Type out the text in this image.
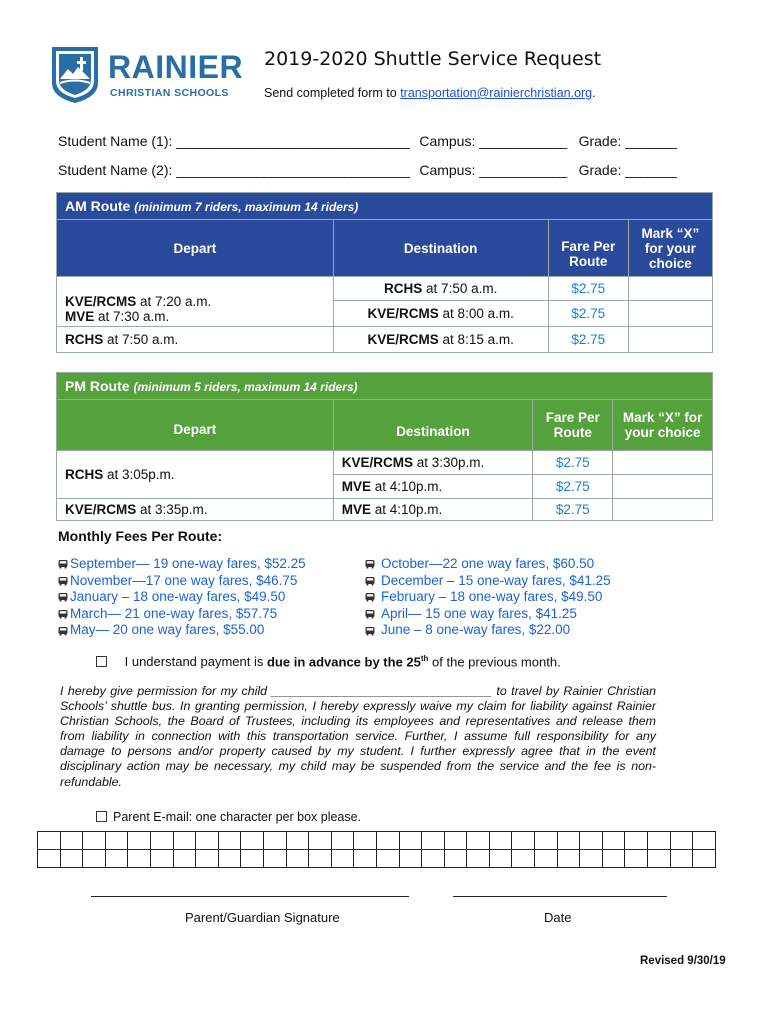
RAINIER
CHRISTIAN SCHOOLS
2019-2020 Shuttle Service Request
Send completed form to transportation@rainierchristian.org.
Student Name (1): ________________________________ Campus: ____________ Grade: _______
Student Name (2): ________________________________ Campus: ____________ Grade: _______
AM Route (minimum 7 riders, maximum 14 riders)			
Depart	Destination	Fare Per Route	Mark “X” for your choice

KVE/RCMS at 7:20 a.m.
MVE at 7:30 a.m.	RCHS at 7:50 a.m.	$2.75	
	KVE/RCMS at 8:00 a.m.	$2.75	
RCHS at 7:50 a.m.	KVE/RCMS at 8:15 a.m.	$2.75	
PM Route (minimum 5 riders, maximum 14 riders)			
Depart	Destination	Fare Per Route	Mark “X” for your choice
RCHS at 3:05p.m.	KVE/RCMS at 3:30p.m.	$2.75	
	MVE at 4:10p.m.	$2.75	
KVE/RCMS at 3:35p.m.	MVE at 4:10p.m.	$2.75	
Monthly Fees Per Route:
September— 19 one-way fares, $52.25
November—17 one way fares, $46.75
January – 18 one-way fares, $49.50
March— 21 one-way fares, $57.75
May— 20 one way fares, $55.00
October—22 one way fares, $60.50
December – 15 one-way fares, $41.25
February – 18 one-way fares, $49.50
April— 15 one way fares, $41.25
June – 8 one-way fares, $22.00
I understand payment is due in advance by the 25th of the previous month.
I hereby give permission for my child ________________________________ to travel by Rainier Christian Schools’ shuttle bus. In granting permission, I hereby expressly waive my claim for liability against Rainier Christian Schools, the Board of Trustees, including its employees and representatives and release them from liability in connection with this transportation service. Further, I assume full responsibility for any damage to persons and/or property caused by my student. I further expressly agree that in the event disciplinary action may be necessary, my child may be suspended from the service and the fee is non-refundable.
Parent E-mail: one character per box please.

Parent/Guardian Signature	Date
Revised 9/30/19
